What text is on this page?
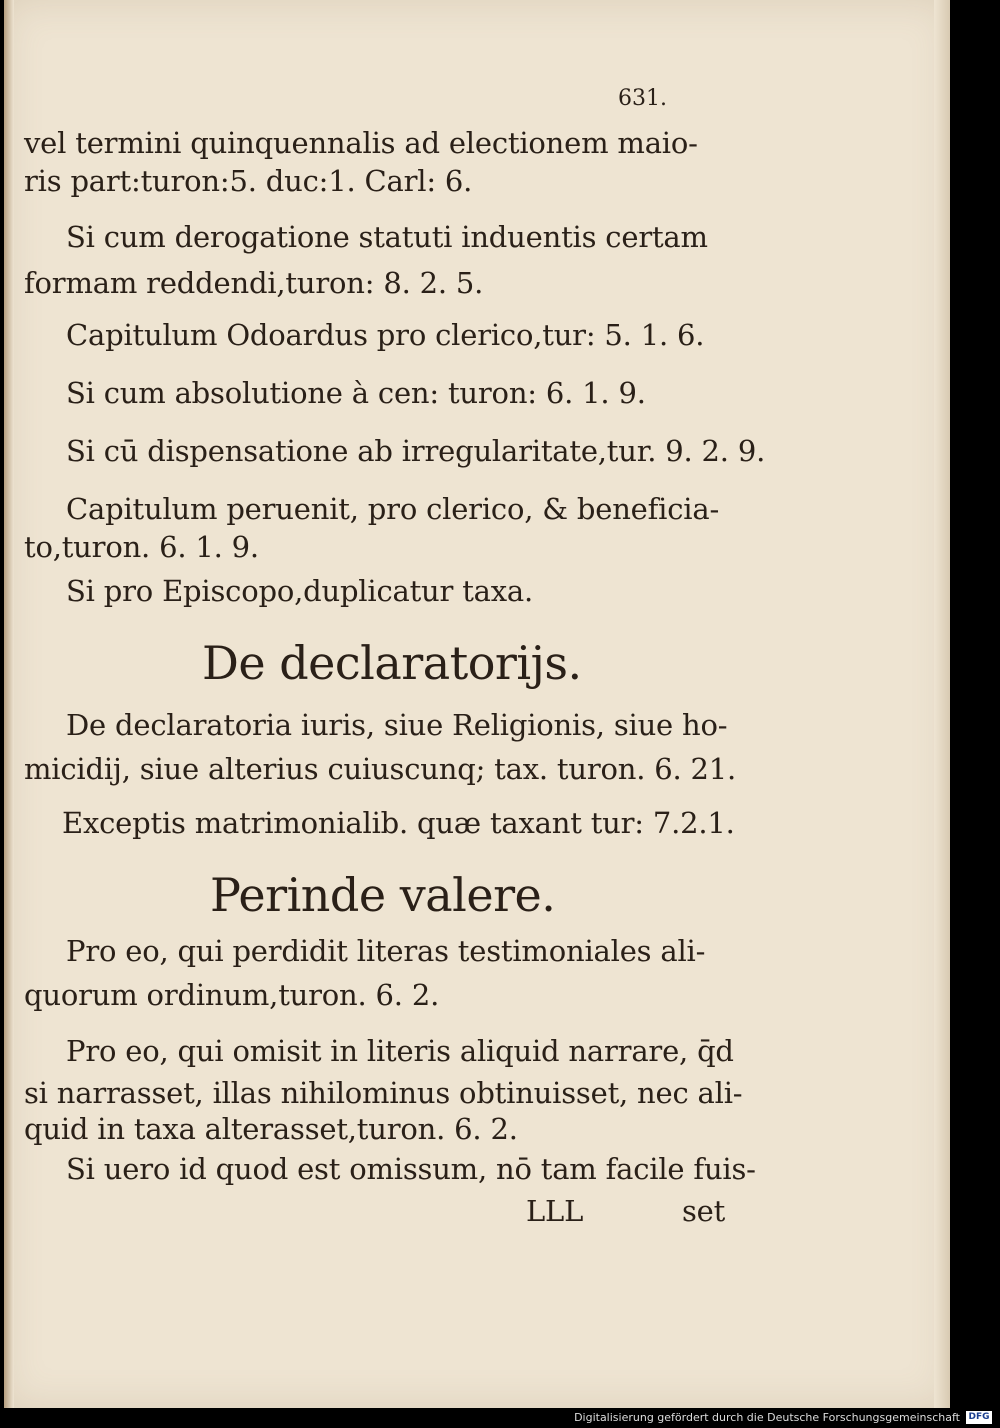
631.
vel termini quinquennalis ad electionem maio-
ris part:turon:5. duc:1. Carl: 6.
Si cum derogatione statuti induentis certam
formam reddendi,turon: 8. 2. 5.
Capitulum Odoardus pro clerico,tur: 5. 1. 6.
Si cum absolutione à cen: turon: 6. 1. 9.
Si cū dispensatione ab irregularitate,tur. 9. 2. 9.
Capitulum peruenit, pro clerico, & beneficia-
to,turon. 6. 1. 9.
Si pro Episcopo,duplicatur taxa.
De declaratorijs.
De declaratoria iuris, siue Religionis, siue ho-
micidij, siue alterius cuiuscunq; tax. turon. 6. 21.
Exceptis matrimonialib. quæ taxant tur: 7.2.1.
Perinde valere.
Pro eo, qui perdidit literas testimoniales ali-
quorum ordinum,turon. 6. 2.
Pro eo, qui omisit in literis aliquid narrare, q̄d
si narrasset, illas nihilominus obtinuisset, nec ali-
quid in taxa alterasset,turon. 6. 2.
Si uero id quod est omissum, nō tam facile fuis-
LLL	set
Digitalisierung gefördert durch die Deutsche Forschungsgemeinschaft DFG
